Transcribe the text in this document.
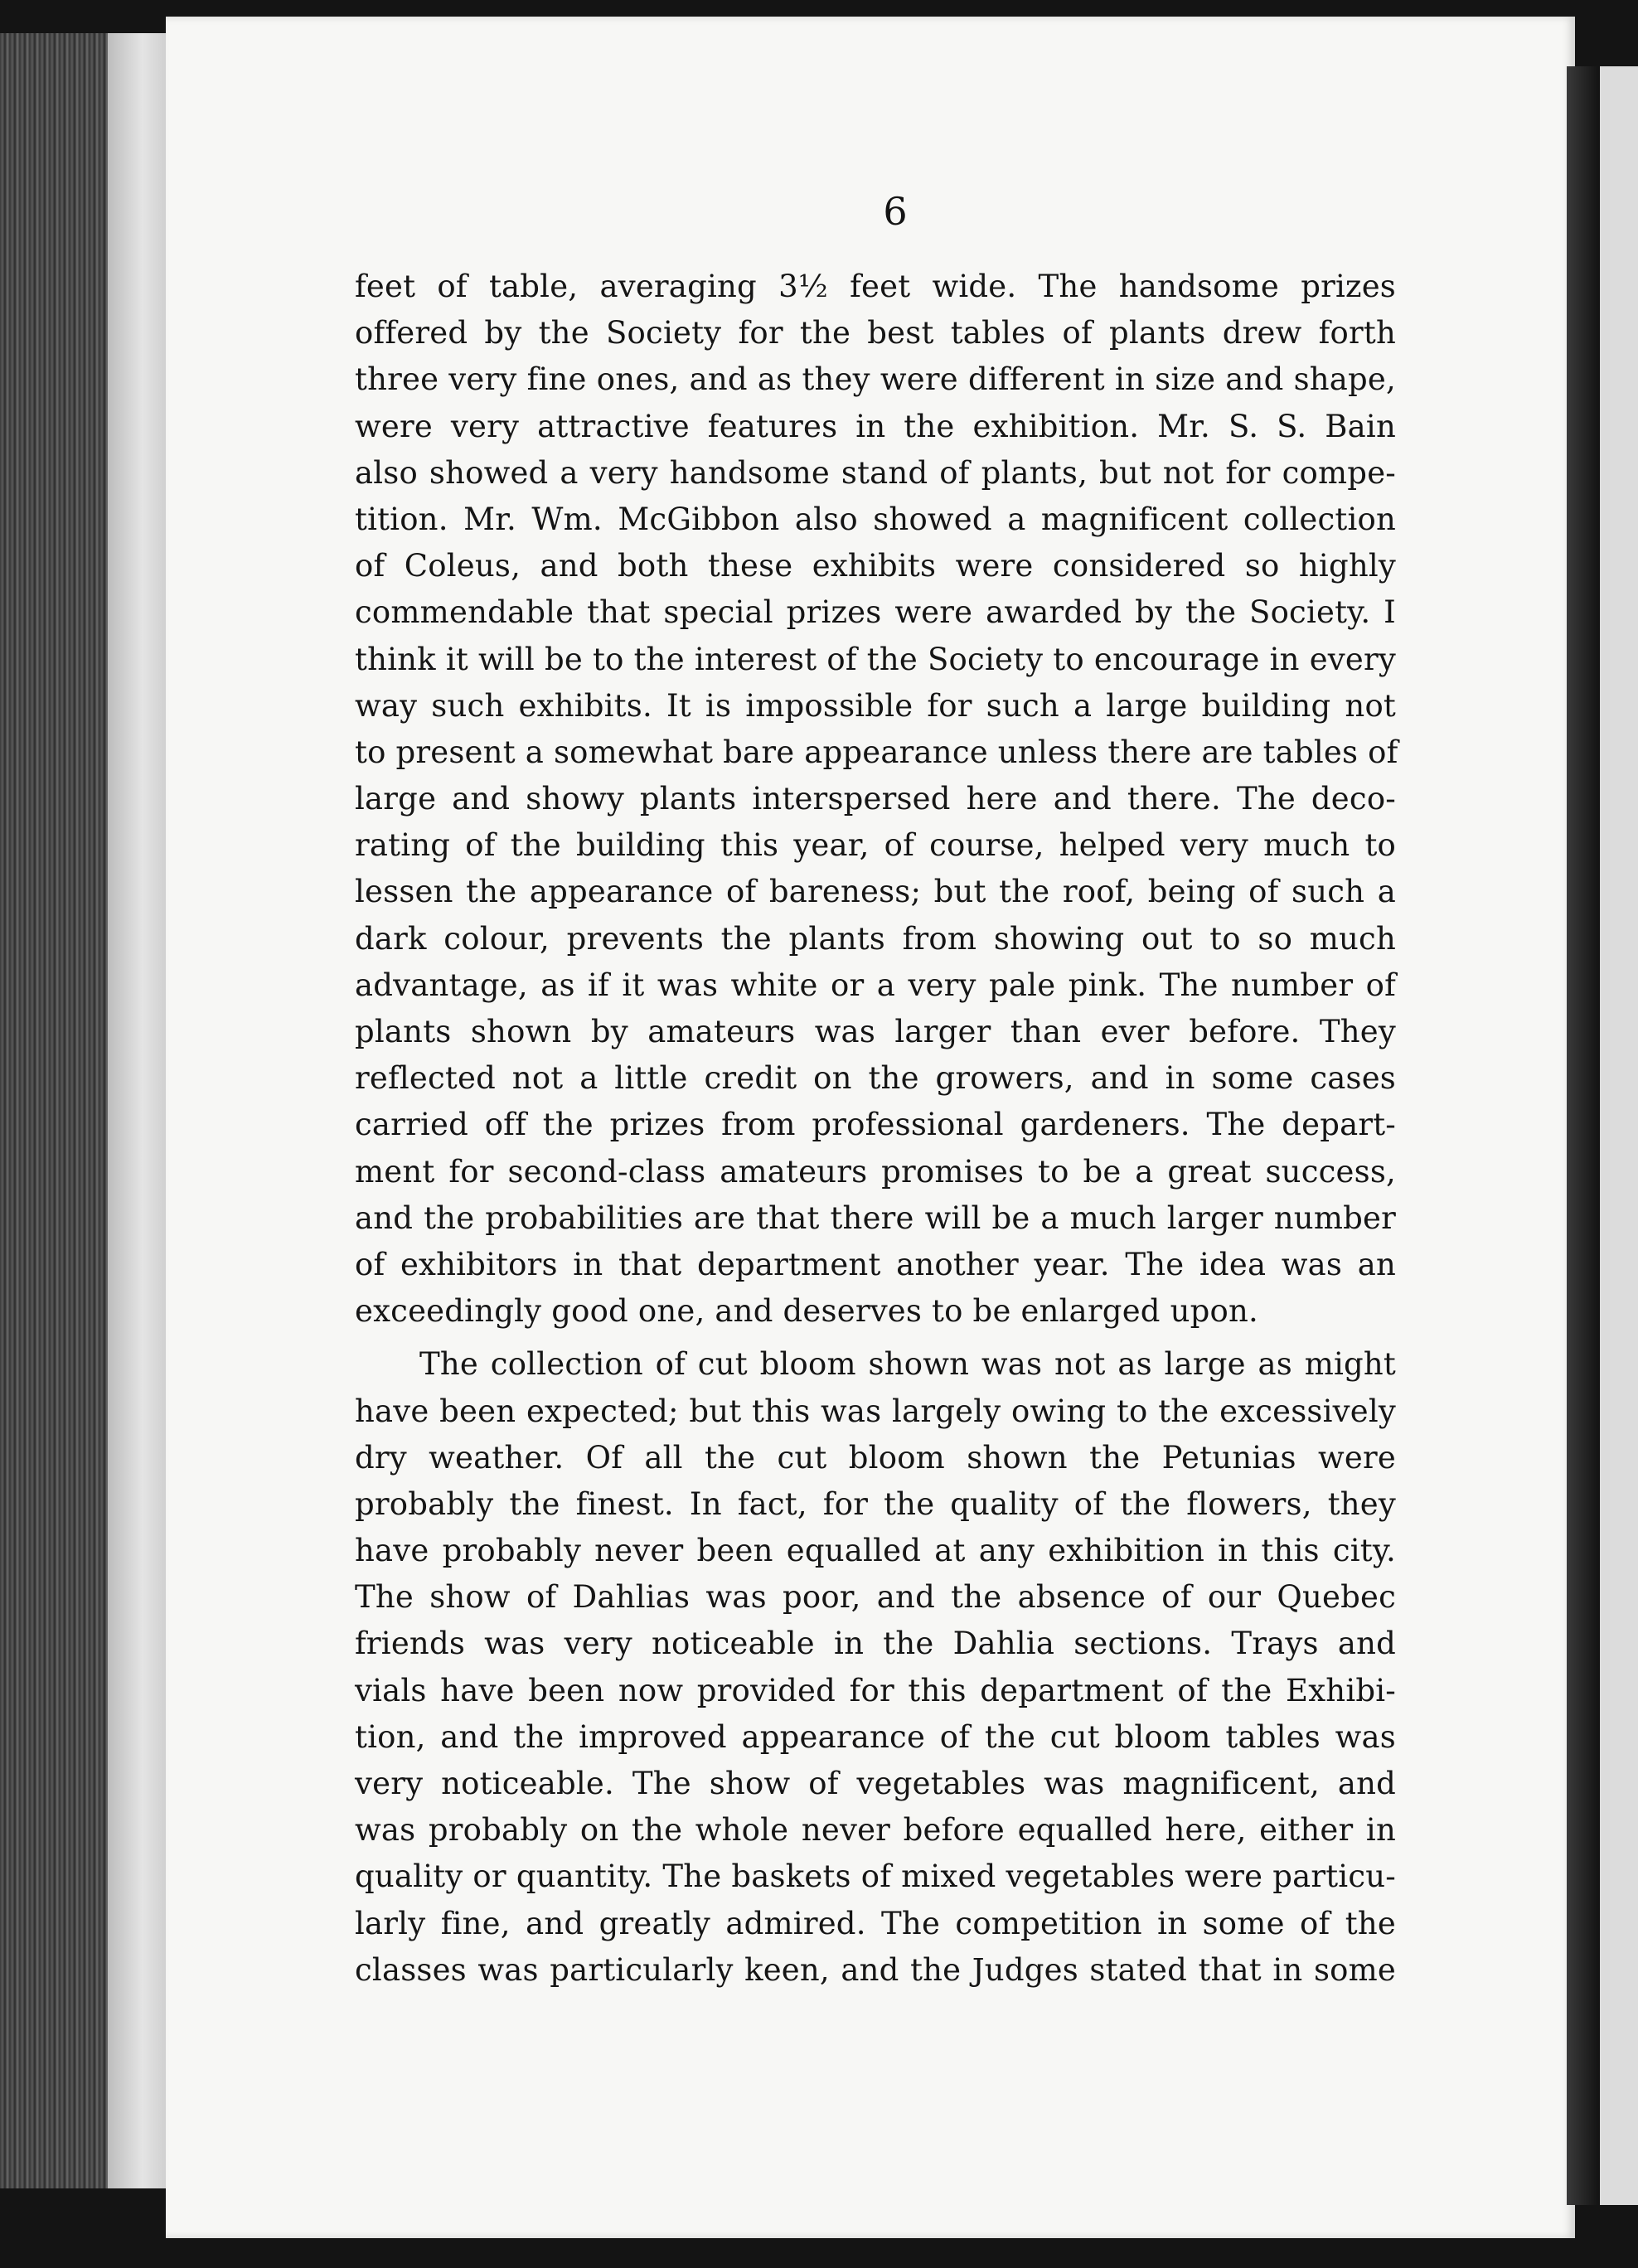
6
feet of table, averaging 3½ feet wide. The handsome prizes
offered by the Society for the best tables of plants drew forth
three very fine ones, and as they were different in size and shape,
were very attractive features in the exhibition. Mr. S. S. Bain
also showed a very handsome stand of plants, but not for compe-
tition. Mr. Wm. McGibbon also showed a magnificent collection
of Coleus, and both these exhibits were considered so highly
commendable that special prizes were awarded by the Society. I
think it will be to the interest of the Society to encourage in every
way such exhibits. It is impossible for such a large building not
to present a somewhat bare appearance unless there are tables of
large and showy plants interspersed here and there. The deco-
rating of the building this year, of course, helped very much to
lessen the appearance of bareness; but the roof, being of such a
dark colour, prevents the plants from showing out to so much
advantage, as if it was white or a very pale pink. The number of
plants shown by amateurs was larger than ever before. They
reflected not a little credit on the growers, and in some cases
carried off the prizes from professional gardeners. The depart-
ment for second-class amateurs promises to be a great success,
and the probabilities are that there will be a much larger number
of exhibitors in that department another year. The idea was an
exceedingly good one, and deserves to be enlarged upon.
The collection of cut bloom shown was not as large as might
have been expected; but this was largely owing to the excessively
dry weather. Of all the cut bloom shown the Petunias were
probably the finest. In fact, for the quality of the flowers, they
have probably never been equalled at any exhibition in this city.
The show of Dahlias was poor, and the absence of our Quebec
friends was very noticeable in the Dahlia sections. Trays and
vials have been now provided for this department of the Exhibi-
tion, and the improved appearance of the cut bloom tables was
very noticeable. The show of vegetables was magnificent, and
was probably on the whole never before equalled here, either in
quality or quantity. The baskets of mixed vegetables were particu-
larly fine, and greatly admired. The competition in some of the
classes was particularly keen, and the Judges stated that in some
